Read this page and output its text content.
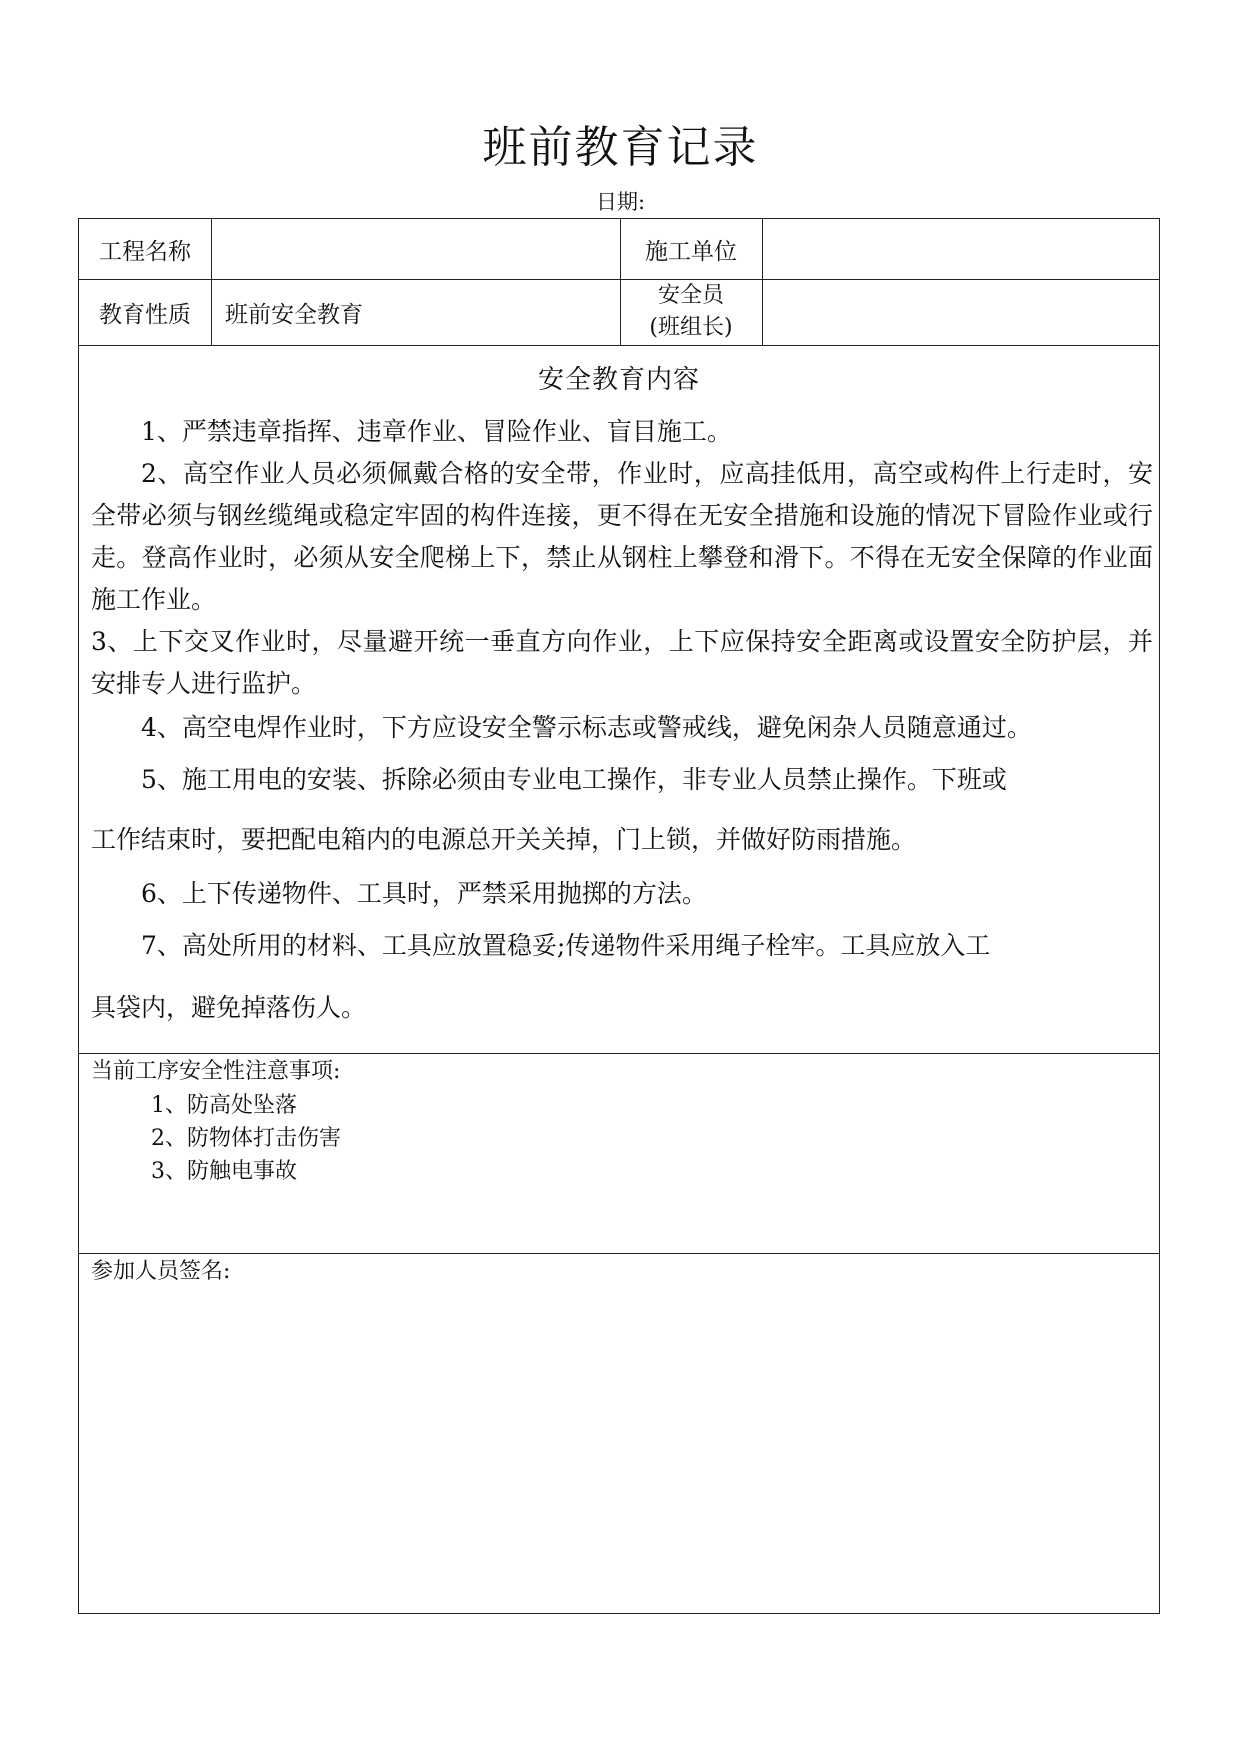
班前教育记录
日期:
工程名称	施工单位
教育性质	班前安全教育
安全员
(班组长)
安全教育内容

1、严禁违章指挥、违章作业、冒险作业、盲目施工。

2、高空作业人员必须佩戴合格的安全带，作业时，应高挂低用，高空或构件上行走时，安全带必须与钢丝缆绳或稳定牢固的构件连接，更不得在无安全措施和设施的情况下冒险作业或行走。登高作业时，必须从安全爬梯上下，禁止从钢柱上攀登和滑下。不得在无安全保障的作业面施工作业。

3、上下交叉作业时，尽量避开统一垂直方向作业，上下应保持安全距离或设置安全防护层，并安排专人进行监护。

4、高空电焊作业时，下方应设安全警示标志或警戒线，避免闲杂人员随意通过。

5、施工用电的安装、拆除必须由专业电工操作，非专业人员禁止操作。下班或

工作结束时，要把配电箱内的电源总开关关掉，门上锁，并做好防雨措施。

6、上下传递物件、工具时，严禁采用抛掷的方法。

7、高处所用的材料、工具应放置稳妥;传递物件采用绳子栓牢。工具应放入工

具袋内，避免掉落伤人。

当前工序安全性注意事项:
1、防高处坠落
2、防物体打击伤害
3、防触电事故
参加人员签名:
